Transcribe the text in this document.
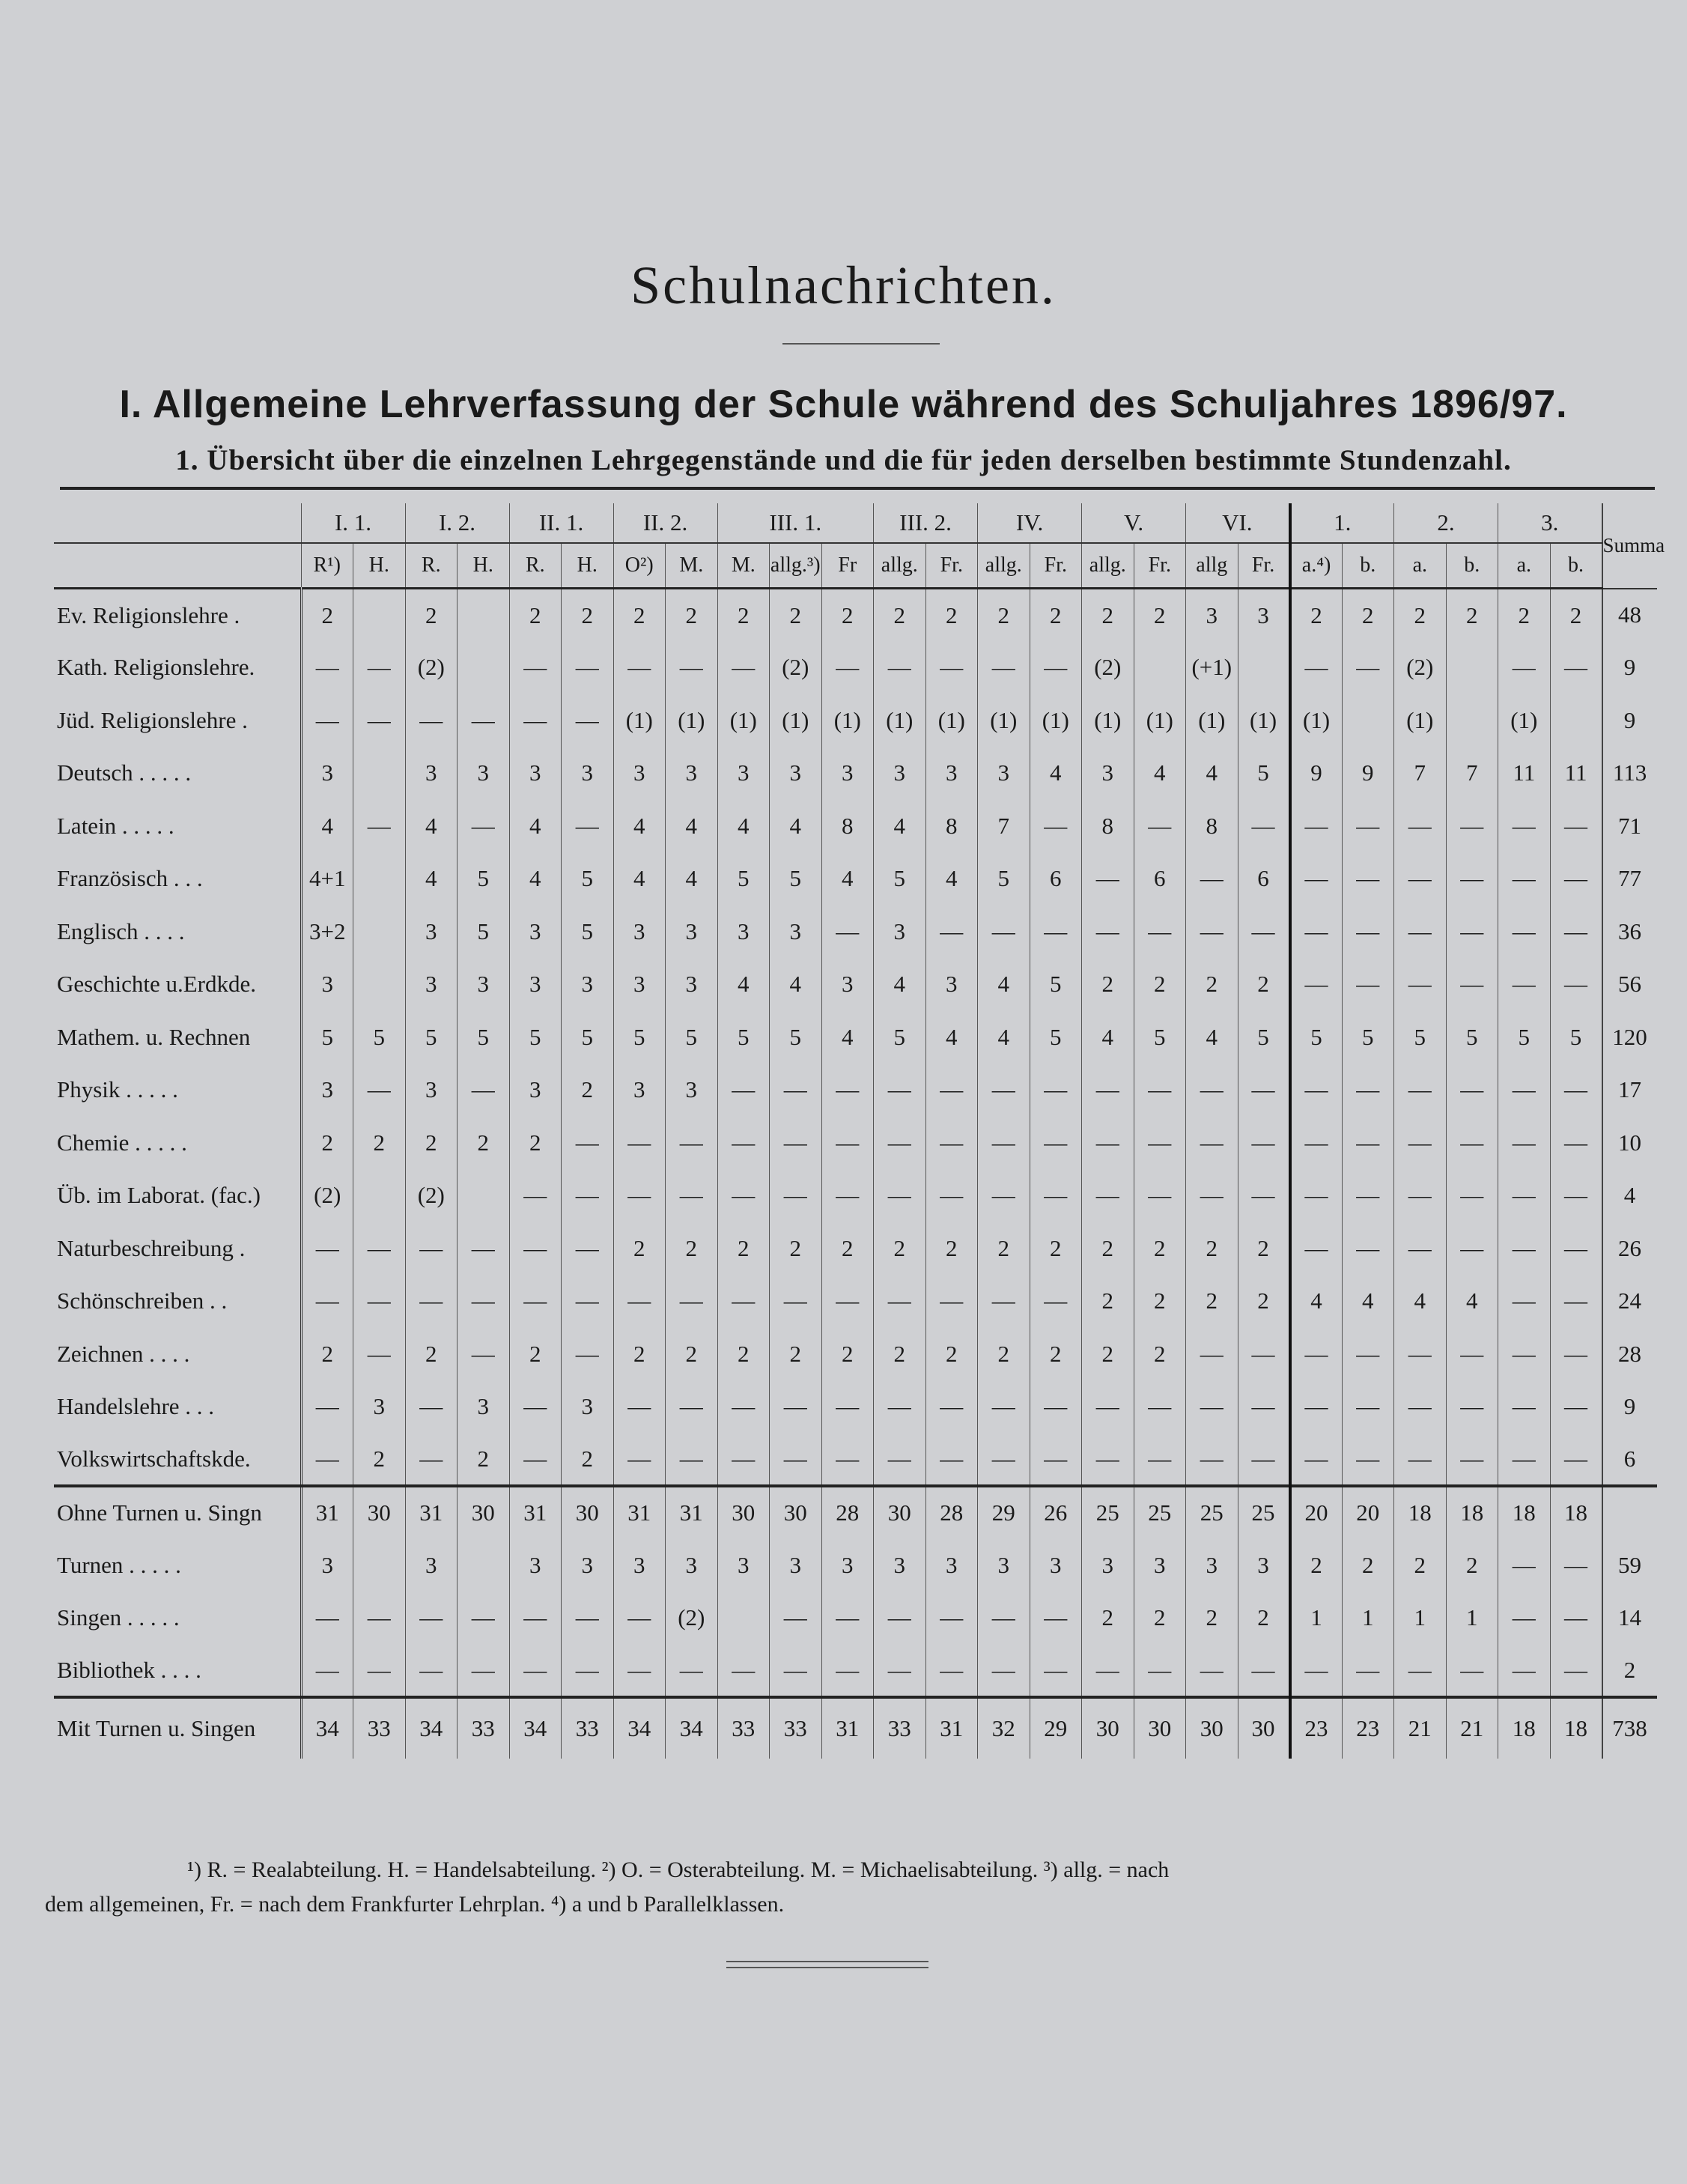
Schulnachrichten.
I. Allgemeine Lehrverfassung der Schule während des Schuljahres 1896/97.
1. Übersicht über die einzelnen Lehrgegenstände und die für jeden derselben bestimmte Stundenzahl.
	I. 1.		I. 2.		II. 1.		II. 2.		III. 1.			III. 2.		IV.		V.		VI.		1.		2.		3.		Summa
	R¹)	H.	R.	H.	R.	H.	O²)	M.	M.	allg.³)	Fr	allg.	Fr.	allg.	Fr.	allg.	Fr.	allg	Fr.	a.⁴)	b.	a.	b.	a.	b.	
Ev. Religionslehre .	2		2		2	2	2	2	2	2	2	2	2	2	2	2	2	3	3	2	2	2	2	2	2	48
Kath. Religionslehre.	—	—	(2)		—	—	—	—	—	(2)	—	—	—	—	—	(2)		(+1)		—	—	(2)		—	—	9
Jüd. Religionslehre .	—	—	—	—	—	—	(1)	(1)	(1)	(1)	(1)	(1)	(1)	(1)	(1)	(1)	(1)	(1)	(1)	(1)		(1)		(1)		9
Deutsch . . . . .	3		3	3	3	3	3	3	3	3	3	3	3	3	4	3	4	4	5	9	9	7	7	11	11	113
Latein . . . . .	4	—	4	—	4	—	4	4	4	4	8	4	8	7	—	8	—	8	—	—	—	—	—	—	—	71
Französisch . . .	4+1		4	5	4	5	4	4	5	5	4	5	4	5	6	—	6	—	6	—	—	—	—	—	—	77
Englisch . . . .	3+2		3	5	3	5	3	3	3	3	—	3	—	—	—	—	—	—	—	—	—	—	—	—	—	36
Geschichte u.Erdkde.	3		3	3	3	3	3	3	4	4	3	4	3	4	5	2	2	2	2	—	—	—	—	—	—	56
Mathem. u. Rechnen	5	5	5	5	5	5	5	5	5	5	4	5	4	4	5	4	5	4	5	5	5	5	5	5	5	120
Physik . . . . .	3	—	3	—	3	2	3	3	—	—	—	—	—	—	—	—	—	—	—	—	—	—	—	—	—	17
Chemie . . . . .	2	2	2	2	2	—	—	—	—	—	—	—	—	—	—	—	—	—	—	—	—	—	—	—	—	10
Üb. im Laborat. (fac.)	(2)		(2)		—	—	—	—	—	—	—	—	—	—	—	—	—	—	—	—	—	—	—	—	—	4
Naturbeschreibung .	—	—	—	—	—	—	2	2	2	2	2	2	2	2	2	2	2	2	2	—	—	—	—	—	—	26
Schönschreiben . .	—	—	—	—	—	—	—	—	—	—	—	—	—	—	—	2	2	2	2	4	4	4	4	—	—	24
Zeichnen . . . .	2	—	2	—	2	—	2	2	2	2	2	2	2	2	2	2	2	—	—	—	—	—	—	—	—	28
Handelslehre . . .	—	3	—	3	—	3	—	—	—	—	—	—	—	—	—	—	—	—	—	—	—	—	—	—	—	9
Volkswirtschaftskde.	—	2	—	2	—	2	—	—	—	—	—	—	—	—	—	—	—	—	—	—	—	—	—	—	—	6
Ohne Turnen u. Singn	31	30	31	30	31	30	31	31	30	30	28	30	28	29	26	25	25	25	25	20	20	18	18	18	18	
Turnen . . . . .	3		3		3	3	3	3	3	3	3	3	3	3	3	3	3	3	3	2	2	2	2	—	—	59
Singen . . . . .	—	—	—	—	—	—	—	(2)		—	—	—	—	—	—	2	2	2	2	1	1	1	1	—	—	14
Bibliothek . . . .	—	—	—	—	—	—	—	—	—	—	—	—	—	—	—	—	—	—	—	—	—	—	—	—	—	2
Mit Turnen u. Singen	34	33	34	33	34	33	34	34	33	33	31	33	31	32	29	30	30	30	30	23	23	21	21	18	18	738
¹) R. = Realabteilung. H. = Handelsabteilung. ²) O. = Osterabteilung. M. = Michaelisabteilung. ³) allg. = nach
dem allgemeinen, Fr. = nach dem Frankfurter Lehrplan. ⁴) a und b Parallelklassen.
